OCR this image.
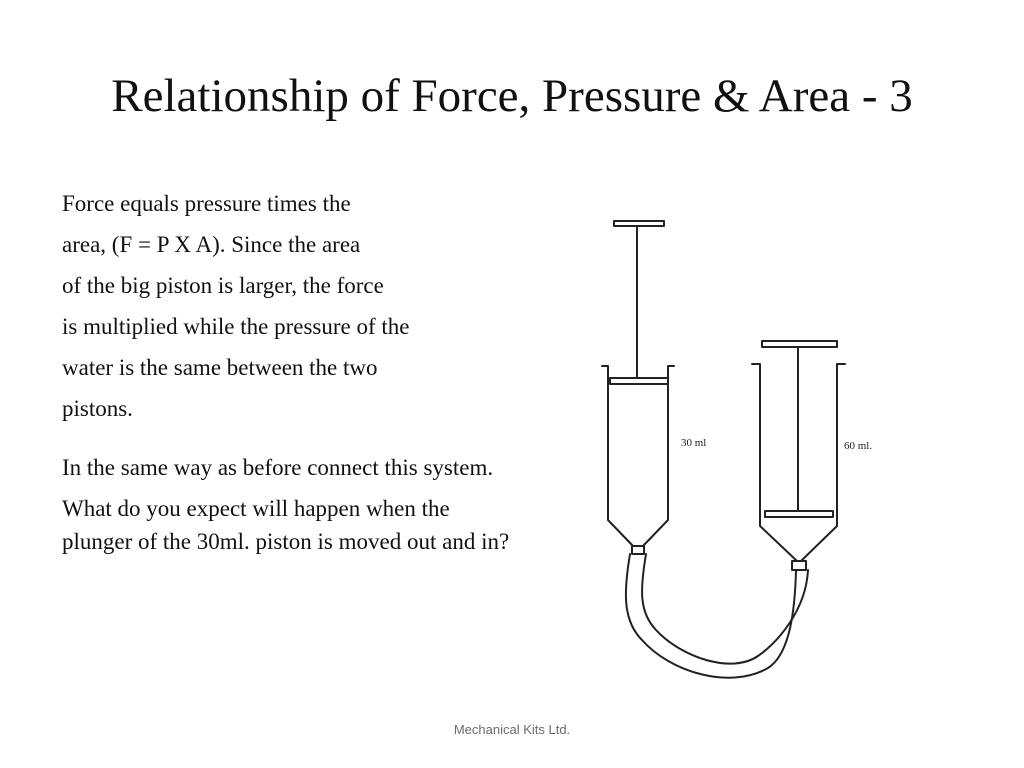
Relationship of Force, Pressure & Area - 3
Force equals pressure times the
area, (F = P X A). Since the area
of the big piston is larger, the force
is multiplied while the pressure of the
water is the same between the two
pistons.
In the same way as before connect this system.
What do you expect will happen when the plunger of the 30ml. piston is moved out and in?
30 ml	60 ml.
Mechanical Kits Ltd.
